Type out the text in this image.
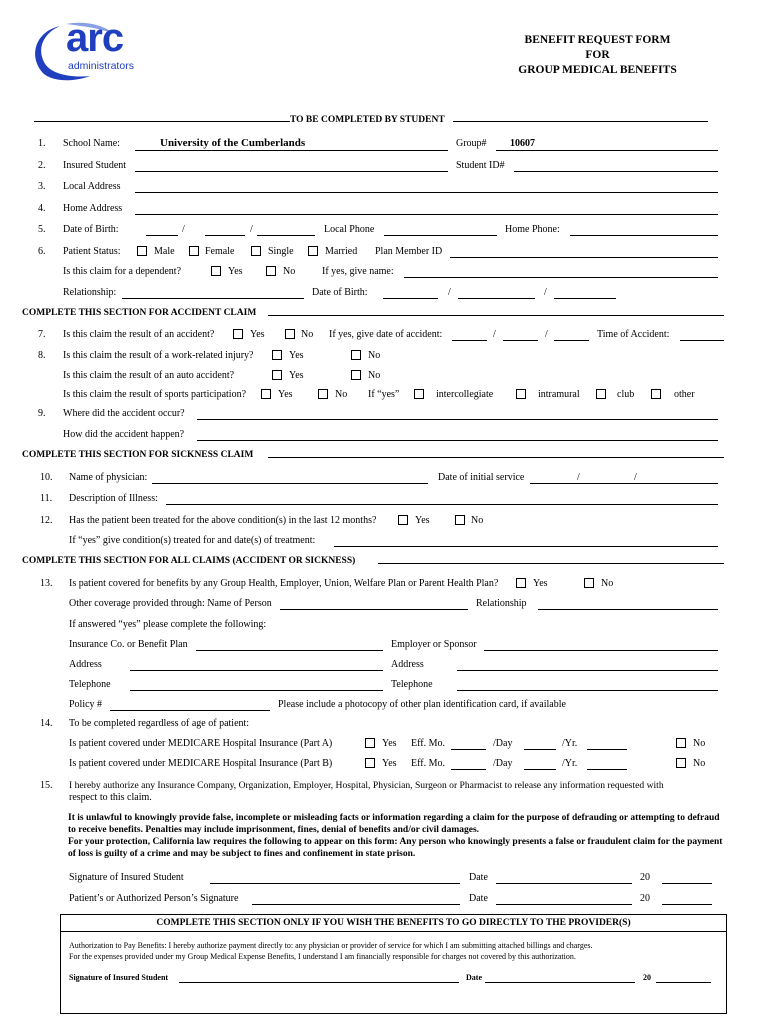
arc
administrators
BENEFIT REQUEST FORM
FOR
GROUP MEDICAL BENEFITS
TO BE COMPLETED BY STUDENT
1. School Name:	University of the Cumberlands	Group# 10607
2. Insured Student	Student ID#
3. Local Address
4. Home Address
5. Date of Birth:	/	/	Local Phone	Home Phone:
6. Patient Status:	Male	Female	Single	Married Plan Member ID
Is this claim for a dependent?	Yes	No	If yes, give name:
Relationship:	Date of Birth:	/	/
COMPLETE THIS SECTION FOR ACCIDENT CLAIM
7. Is this claim the result of an accident?	Yes	No If yes, give date of accident:	/	/	Time of Accident:
8. Is this claim the result of a work-related injury?	Yes	No
Is this claim the result of an auto accident?	Yes	No
Is this claim the result of sports participation?	Yes	No If “yes”	intercollegiate	intramural	club	other
9. Where did the accident occur?
How did the accident happen?
COMPLETE THIS SECTION FOR SICKNESS CLAIM
10. Name of physician:	Date of initial service	/	/
11. Description of Illness:
12. Has the patient been treated for the above condition(s) in the last 12 months?	Yes	No
If “yes” give condition(s) treated for and date(s) of treatment:
COMPLETE THIS SECTION FOR ALL CLAIMS (ACCIDENT OR SICKNESS)
13. Is patient covered for benefits by any Group Health, Employer, Union, Welfare Plan or Parent Health Plan?	Yes	No
Other coverage provided through: Name of Person	Relationship
If answered “yes” please complete the following:
Insurance Co. or Benefit Plan	Employer or Sponsor
Address	Address
Telephone	Telephone
Policy #	Please include a photocopy of other plan identification card, if available
14. To be completed regardless of age of patient:
Is patient covered under MEDICARE Hospital Insurance (Part A)	Yes Eff. Mo.	/Day	/Yr.	No
Is patient covered under MEDICARE Hospital Insurance (Part B)	Yes Eff. Mo.	/Day	/Yr.	No
15. I hereby authorize any Insurance Company, Organization, Employer, Hospital, Physician, Surgeon or Pharmacist to release any information requested with
respect to this claim.
It is unlawful to knowingly provide false, incomplete or misleading facts or information regarding a claim for the purpose of defrauding or attempting to defraud to receive benefits. Penalties may include imprisonment, fines, denial of benefits and/or civil damages.
For your protection, California law requires the following to appear on this form: Any person who knowingly presents a false or fraudulent claim for the payment of loss is guilty of a crime and may be subject to fines and confinement in state prison.
Signature of Insured Student	Date	20
Patient’s or Authorized Person’s Signature	Date	20
COMPLETE THIS SECTION ONLY IF YOU WISH THE BENEFITS TO GO DIRECTLY TO THE PROVIDER(S)
Authorization to Pay Benefits: I hereby authorize payment directly to: any physician or provider of service for which I am submitting attached billings and charges.
For the expenses provided under my Group Medical Expense Benefits, I understand I am financially responsible for charges not covered by this authorization.
Signature of Insured Student	Date	20
